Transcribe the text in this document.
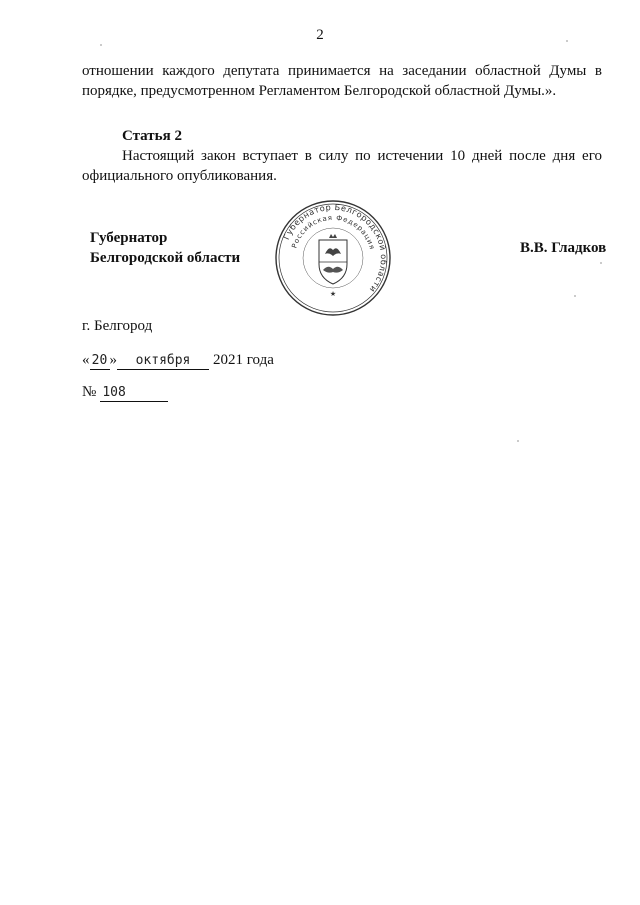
2
отношении каждого депутата принимается на заседании областной Думы в порядке, предусмотренном Регламентом Белгородской областной Думы.».
Статья 2
Настоящий закон вступает в силу по истечении 10 дней после дня его официального опубликования.
Губернатор
Белгородской области
Губернатор Белгородской области
Российская Федерация
★
В.В. Гладков
г. Белгород
« 20 »	октября	2021 года
№ 108
